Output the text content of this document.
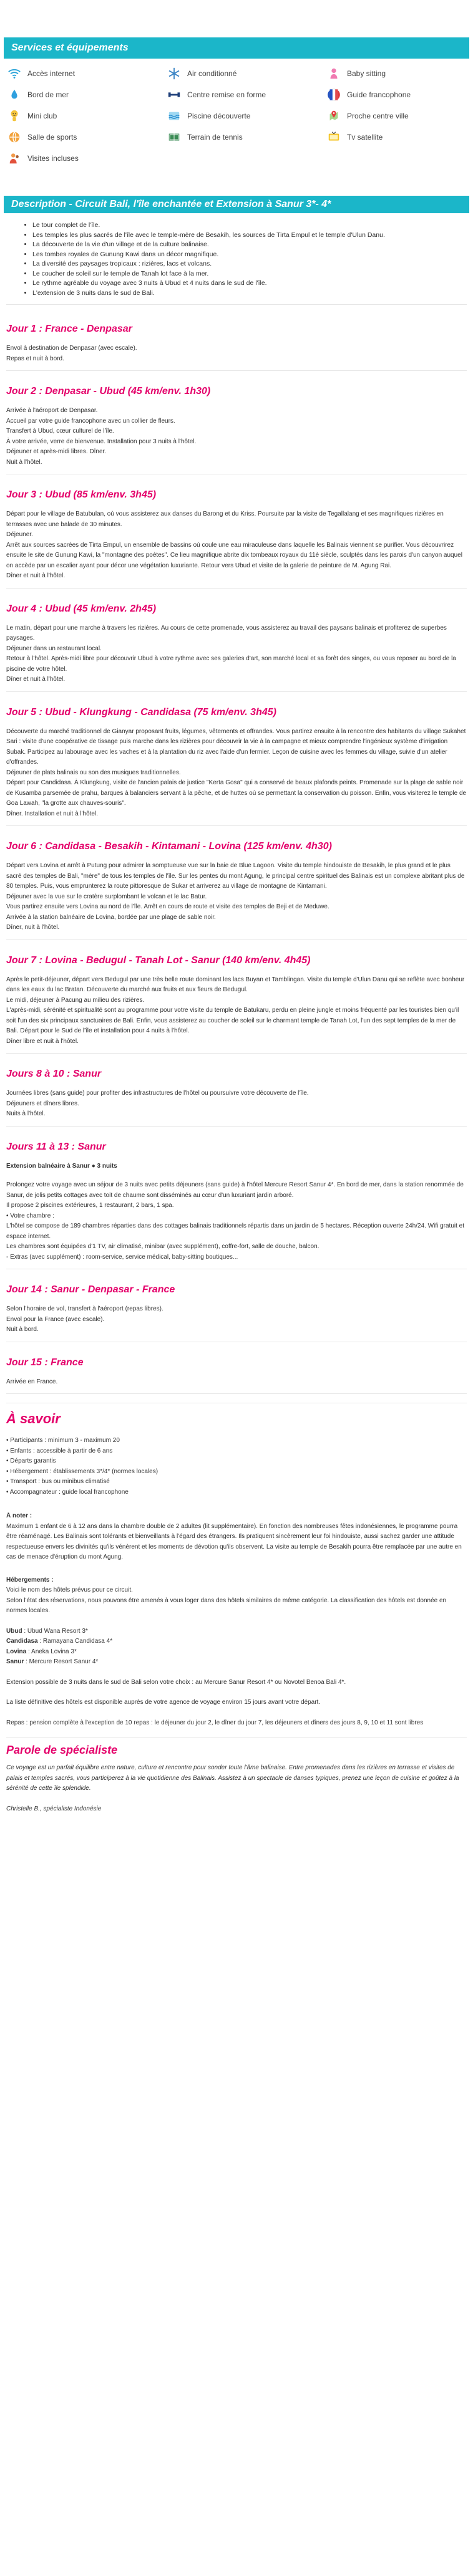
Services et équipements
Accès internet	Air conditionné	Baby sitting
Bord de mer	Centre remise en forme	Guide francophone
Mini club	Piscine découverte	Proche centre ville
Salle de sports	Terrain de tennis	Tv satellite
Visites incluses
Description - Circuit Bali, l'île enchantée et Extension à Sanur 3*- 4*
• Le tour complet de l'île.
• Les temples les plus sacrés de l'île avec le temple-mère de Besakih, les sources de Tirta Empul et le temple d'Ulun Danu.
• La découverte de la vie d'un village et de la culture balinaise.
• Les tombes royales de Gunung Kawi dans un décor magnifique.
• La diversité des paysages tropicaux : rizières, lacs et volcans.
• Le coucher de soleil sur le temple de Tanah lot face à la mer.
• Le rythme agréable du voyage avec 3 nuits à Ubud et 4 nuits dans le sud de l'île.
• L'extension de 3 nuits dans le sud de Bali.
Jour 1 : France - Denpasar

Envol à destination de Denpasar (avec escale).

Repas et nuit à bord.

Jour 2 : Denpasar - Ubud (45 km/env. 1h30)

Arrivée à l'aéroport de Denpasar.

Accueil par votre guide francophone avec un collier de fleurs.

Transfert à Ubud, cœur culturel de l'île.

À votre arrivée, verre de bienvenue. Installation pour 3 nuits à l'hôtel.

Déjeuner et après-midi libres. Dîner.

Nuit à l'hôtel.

Jour 3 : Ubud (85 km/env. 3h45)

Départ pour le village de Batubulan, où vous assisterez aux danses du Barong et du Kriss. Poursuite par la visite de Tegallalang et ses magnifiques rizières en terrasses avec une balade de 30 minutes.

Déjeuner.

Arrêt aux sources sacrées de Tirta Empul, un ensemble de bassins où coule une eau miraculeuse dans laquelle les Balinais viennent se purifier. Vous découvrirez ensuite le site de Gunung Kawi, la "montagne des poètes". Ce lieu magnifique abrite dix tombeaux royaux du 11è siècle, sculptés dans les parois d'un canyon auquel on accède par un escalier ayant pour décor une végétation luxuriante. Retour vers Ubud et visite de la galerie de peinture de M. Agung Rai.

Dîner et nuit à l'hôtel.

Jour 4 : Ubud (45 km/env. 2h45)

Le matin, départ pour une marche à travers les rizières. Au cours de cette promenade, vous assisterez au travail des paysans balinais et profiterez de superbes paysages.

Déjeuner dans un restaurant local.

Retour à l'hôtel. Après-midi libre pour découvrir Ubud à votre rythme avec ses galeries d'art, son marché local et sa forêt des singes, ou vous reposer au bord de la piscine de votre hôtel.

Dîner et nuit à l'hôtel.

Jour 5 : Ubud - Klungkung - Candidasa (75 km/env. 3h45)

Découverte du marché traditionnel de Gianyar proposant fruits, légumes, vêtements et offrandes. Vous partirez ensuite à la rencontre des habitants du village Sukahet Sari : visite d'une coopérative de tissage puis marche dans les rizières pour découvrir la vie à la campagne et mieux comprendre l'ingénieux système d'irrigation Subak. Participez au labourage avec les vaches et à la plantation du riz avec l'aide d'un fermier. Leçon de cuisine avec les femmes du village, suivie d'un atelier d'offrandes.

Déjeuner de plats balinais ou son des musiques traditionnelles.

Départ pour Candidasa. À Klungkung, visite de l'ancien palais de justice "Kerta Gosa" qui a conservé de beaux plafonds peints. Promenade sur la plage de sable noir de Kusamba parsemée de prahu, barques à balanciers servant à la pêche, et de huttes où se permettant la conservation du poisson. Enfin, vous visiterez le temple de Goa Lawah, "la grotte aux chauves-souris".

Dîner. Installation et nuit à l'hôtel.

Jour 6 : Candidasa - Besakih - Kintamani - Lovina (125 km/env. 4h30)

Départ vers Lovina et arrêt à Putung pour admirer la somptueuse vue sur la baie de Blue Lagoon. Visite du temple hindouiste de Besakih, le plus grand et le plus sacré des temples de Bali, "mère" de tous les temples de l'île. Sur les pentes du mont Agung, le principal centre spirituel des Balinais est un complexe abritant plus de 80 temples. Puis, vous emprunterez la route pittoresque de Sukar et arriverez au village de montagne de Kintamani.

Déjeuner avec la vue sur le cratère surplombant le volcan et le lac Batur.

Vous partirez ensuite vers Lovina au nord de l'île. Arrêt en cours de route et visite des temples de Beji et de Meduwe.

Arrivée à la station balnéaire de Lovina, bordée par une plage de sable noir.

Dîner, nuit à l'hôtel.

Jour 7 : Lovina - Bedugul - Tanah Lot - Sanur (140 km/env. 4h45)

Après le petit-déjeuner, départ vers Bedugul par une très belle route dominant les lacs Buyan et Tamblingan. Visite du temple d'Ulun Danu qui se reflète avec bonheur dans les eaux du lac Bratan. Découverte du marché aux fruits et aux fleurs de Bedugul.

Le midi, déjeuner à Pacung au milieu des rizières.

L'après-midi, sérénité et spiritualité sont au programme pour votre visite du temple de Batukaru, perdu en pleine jungle et moins fréquenté par les touristes bien qu'il soit l'un des six principaux sanctuaires de Bali. Enfin, vous assisterez au coucher de soleil sur le charmant temple de Tanah Lot, l'un des sept temples de la mer de Bali. Départ pour le Sud de l'île et installation pour 4 nuits à l'hôtel.

Dîner libre et nuit à l'hôtel.

Jours 8 à 10 : Sanur

Journées libres (sans guide) pour profiter des infrastructures de l'hôtel ou poursuivre votre découverte de l'île.

Déjeuners et dîners libres.

Nuits à l'hôtel.

Jours 11 à 13 : Sanur

Extension balnéaire à Sanur ● 3 nuits

Prolongez votre voyage avec un séjour de 3 nuits avec petits déjeuners (sans guide) à l'hôtel Mercure Resort Sanur 4*. En bord de mer, dans la station renommée de Sanur, de jolis petits cottages avec toit de chaume sont disséminés au cœur d'un luxuriant jardin arboré.

Il propose 2 piscines extérieures, 1 restaurant, 2 bars, 1 spa.

• Votre chambre :

L'hôtel se compose de 189 chambres réparties dans des cottages balinais traditionnels répartis dans un jardin de 5 hectares. Réception ouverte 24h/24. Wifi gratuit et espace internet.

Les chambres sont équipées d'1 TV, air climatisé, minibar (avec supplément), coffre-fort, salle de douche, balcon.

- Extras (avec supplément) : room-service, service médical, baby-sitting boutiques...

Jour 14 : Sanur - Denpasar - France

Selon l'horaire de vol, transfert à l'aéroport (repas libres).

Envol pour la France (avec escale).

Nuit à bord.

Jour 15 : France

Arrivée en France.

À savoir

• Participants : minimum 3 - maximum 20

• Enfants : accessible à partir de 6 ans

• Départs garantis

• Hébergement : établissements 3*/4* (normes locales)

• Transport : bus ou minibus climatisé

• Accompagnateur : guide local francophone

À noter :

Maximum 1 enfant de 6 à 12 ans dans la chambre double de 2 adultes (lit supplémentaire). En fonction des nombreuses fêtes indonésiennes, le programme pourra être réaménagé. Les Balinais sont tolérants et bienveillants à l'égard des étrangers. Ils pratiquent sincèrement leur foi hindouiste, aussi sachez garder une attitude respectueuse envers les divinités qu'ils vénèrent et les moments de dévotion qu'ils observent. La visite au temple de Besakih pourra être remplacée par une autre en cas de menace d'éruption du mont Agung.

Hébergements :

Voici le nom des hôtels prévus pour ce circuit.
Selon l'état des réservations, nous pouvons être amenés à vous loger dans des hôtels similaires de même catégorie. La classification des hôtels est donnée en normes locales.

Ubud : Ubud Wana Resort 3*

Candidasa : Ramayana Candidasa 4*

Lovina : Aneka Lovina 3*

Sanur : Mercure Resort Sanur 4*

Extension possible de 3 nuits dans le sud de Bali selon votre choix : au Mercure Sanur Resort 4* ou Novotel Benoa Bali 4*.

La liste définitive des hôtels est disponible auprès de votre agence de voyage environ 15 jours avant votre départ.

Repas : pension complète à l'exception de 10 repas : le déjeuner du jour 2, le dîner du jour 7, les déjeuners et dîners des jours 8, 9, 10 et 11 sont libres

Parole de spécialiste

Ce voyage est un parfait équilibre entre nature, culture et rencontre pour sonder toute l'âme balinaise. Entre promenades dans les rizières en terrasse et visites de palais et temples sacrés, vous participerez à la vie quotidienne des Balinais. Assistez à un spectacle de danses typiques, prenez une leçon de cuisine et goûtez à la sérénité de cette île splendide.

Christelle B., spécialiste Indonésie
